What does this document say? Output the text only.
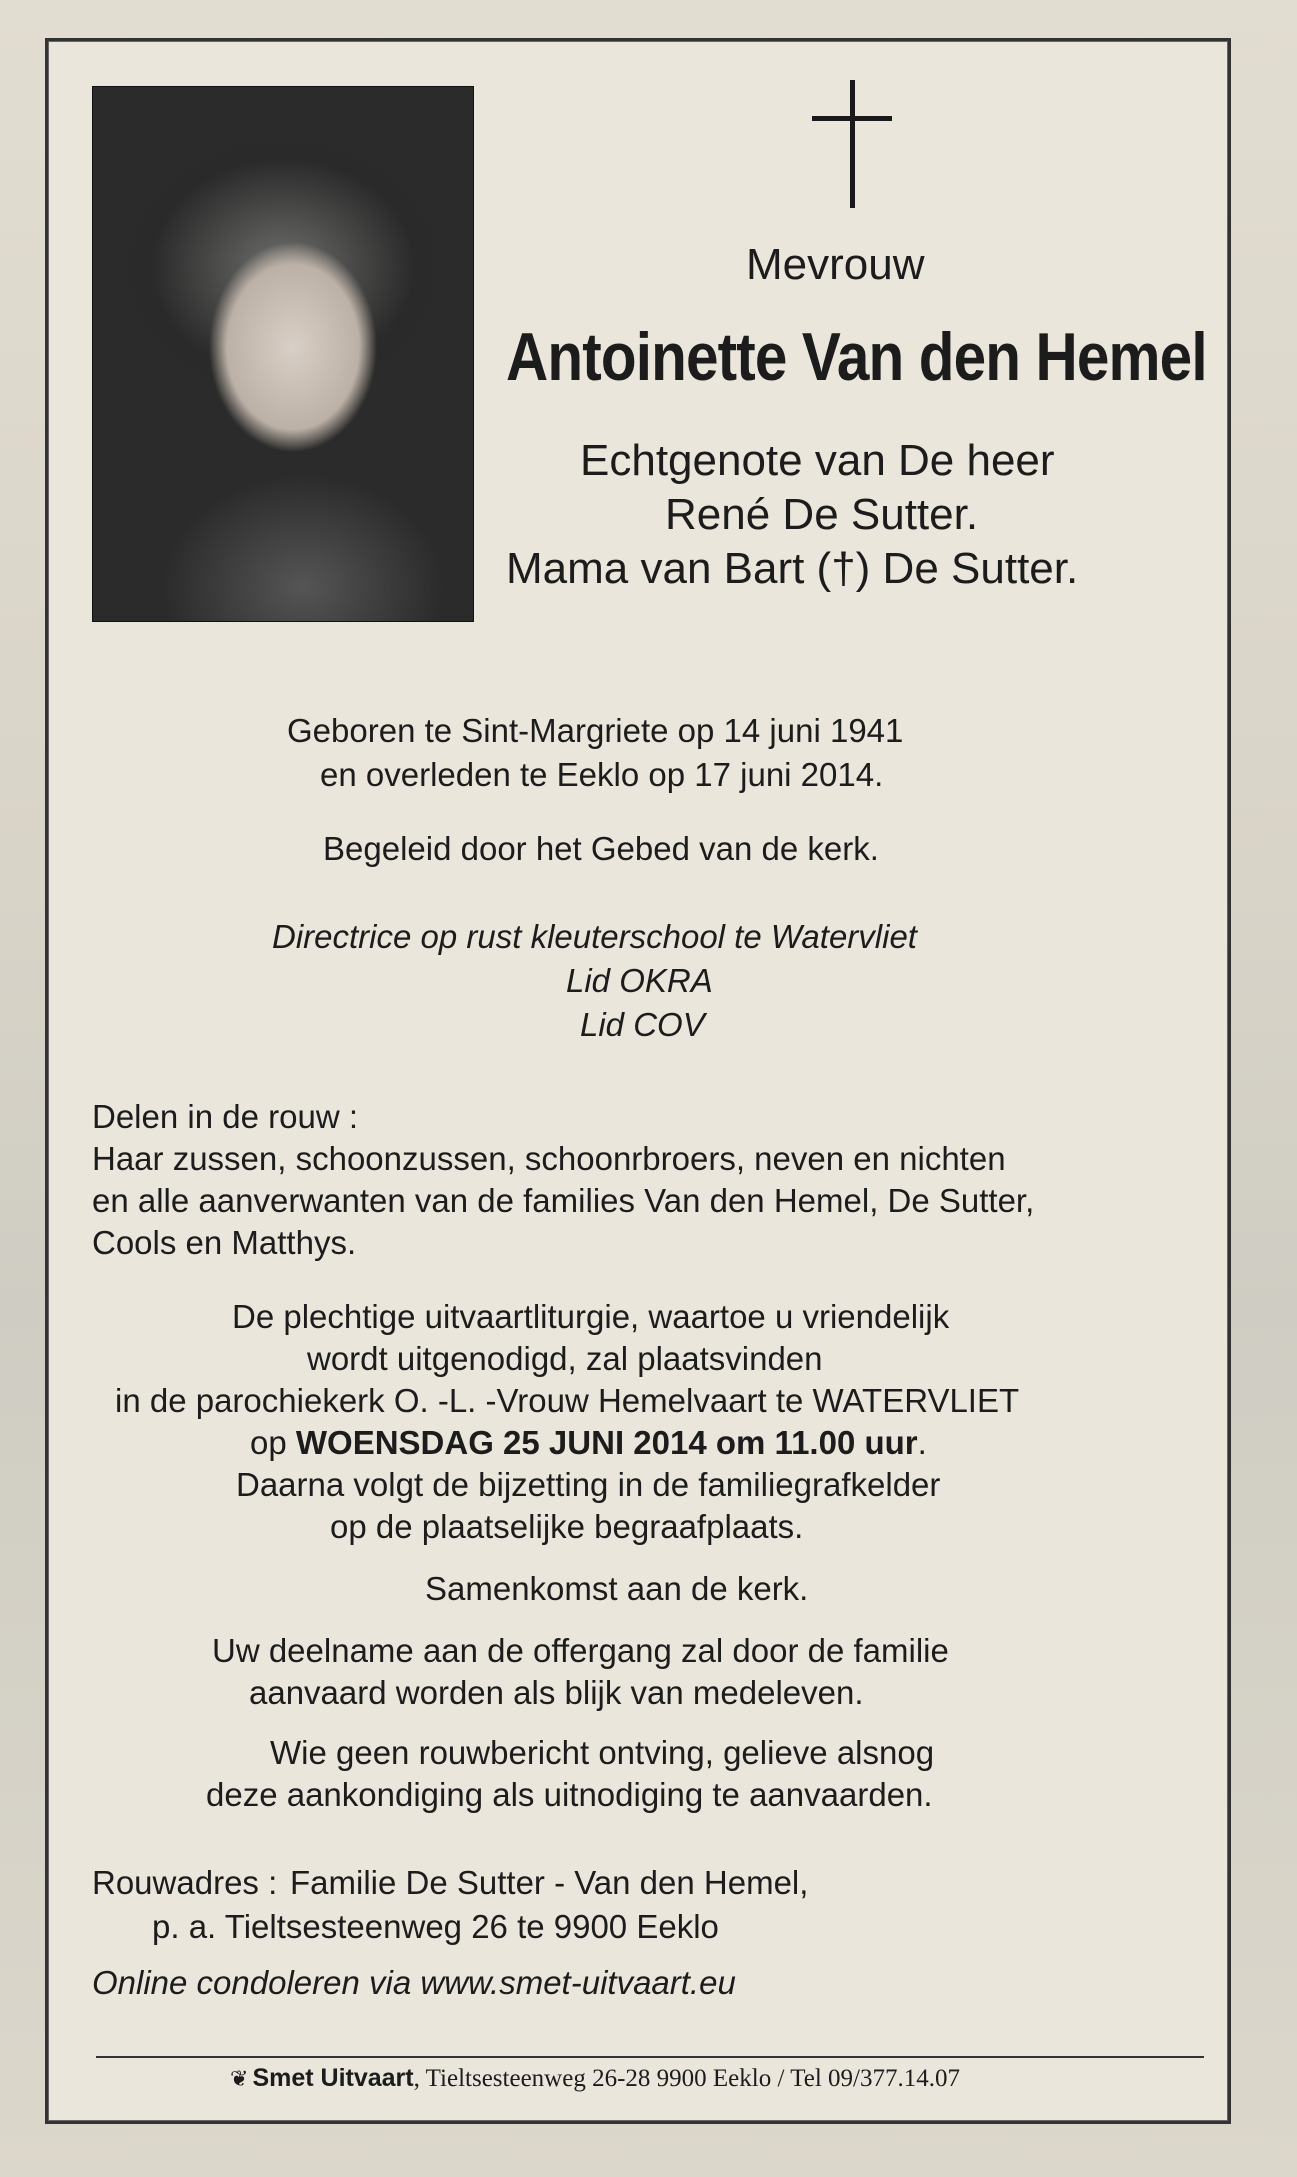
Mevrouw
Antoinette Van den Hemel
Echtgenote van De heer
René De Sutter.
Mama van Bart (†) De Sutter.
Geboren te Sint-Margriete op 14 juni 1941
en overleden te Eeklo op 17 juni 2014.
Begeleid door het Gebed van de kerk.
Directrice op rust kleuterschool te Watervliet
Lid OKRA
Lid COV
Delen in de rouw :
Haar zussen, schoonzussen, schoonrbroers, neven en nichten
en alle aanverwanten van de families Van den Hemel, De Sutter,
Cools en Matthys.
De plechtige uitvaartliturgie, waartoe u vriendelijk
wordt uitgenodigd, zal plaatsvinden
in de parochiekerk O. -L. -Vrouw Hemelvaart te WATERVLIET
op WOENSDAG 25 JUNI 2014 om 11.00 uur.
Daarna volgt de bijzetting in de familiegrafkelder
op de plaatselijke begraafplaats.
Samenkomst aan de kerk.
Uw deelname aan de offergang zal door de familie
aanvaard worden als blijk van medeleven.
Wie geen rouwbericht ontving, gelieve alsnog
deze aankondiging als uitnodiging te aanvaarden.
Rouwadres : Familie De Sutter - Van den Hemel,
p. a. Tieltsesteenweg 26 te 9900 Eeklo
Online condoleren via www.smet-uitvaart.eu
❦ Smet Uitvaart, Tieltsesteenweg 26-28 9900 Eeklo / Tel 09/377.14.07
